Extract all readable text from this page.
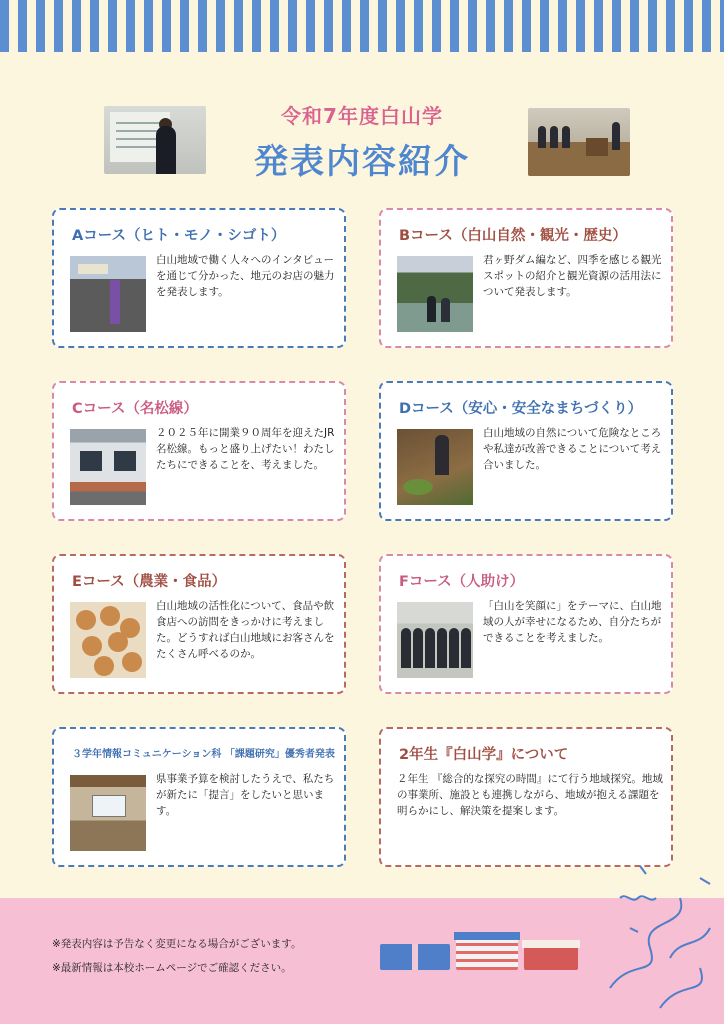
令和7年度白山学
発表内容紹介
Aコース（ヒト・モノ・シゴト）
白山地域で働く人々へのインタビューを通じて分かった、地元のお店の魅力を発表します。
Bコース（白山自然・観光・歴史）
君ヶ野ダム編など、四季を感じる観光スポットの紹介と観光資源の活用法について発表します。
Cコース（名松線）
２０２５年に開業９０周年を迎えたJR名松線。もっと盛り上げたい！わたしたちにできることを、考えました。
Dコース（安心・安全なまちづくり）
白山地域の自然について危険なところや私達が改善できることについて考え合いました。
Eコース（農業・食品）
白山地域の活性化について、食品や飲食店への訪問をきっかけに考えました。どうすれば白山地域にお客さんをたくさん呼べるのか。
Fコース（人助け）
「白山を笑顔に」をテーマに、白山地域の人が幸せになるため、自分たちができることを考えました。
３学年情報コミュニケーション科 「課題研究」優秀者発表
県事業予算を検討したうえで、私たちが新たに「提言」をしたいと思います。
2年生『白山学』について
２年生 『総合的な探究の時間』にて行う地域探究。地域の事業所、施設とも連携しながら、地域が抱える課題を明らかにし、解決策を提案します。
※発表内容は予告なく変更になる場合がございます。
※最新情報は本校ホームページでご確認ください。
